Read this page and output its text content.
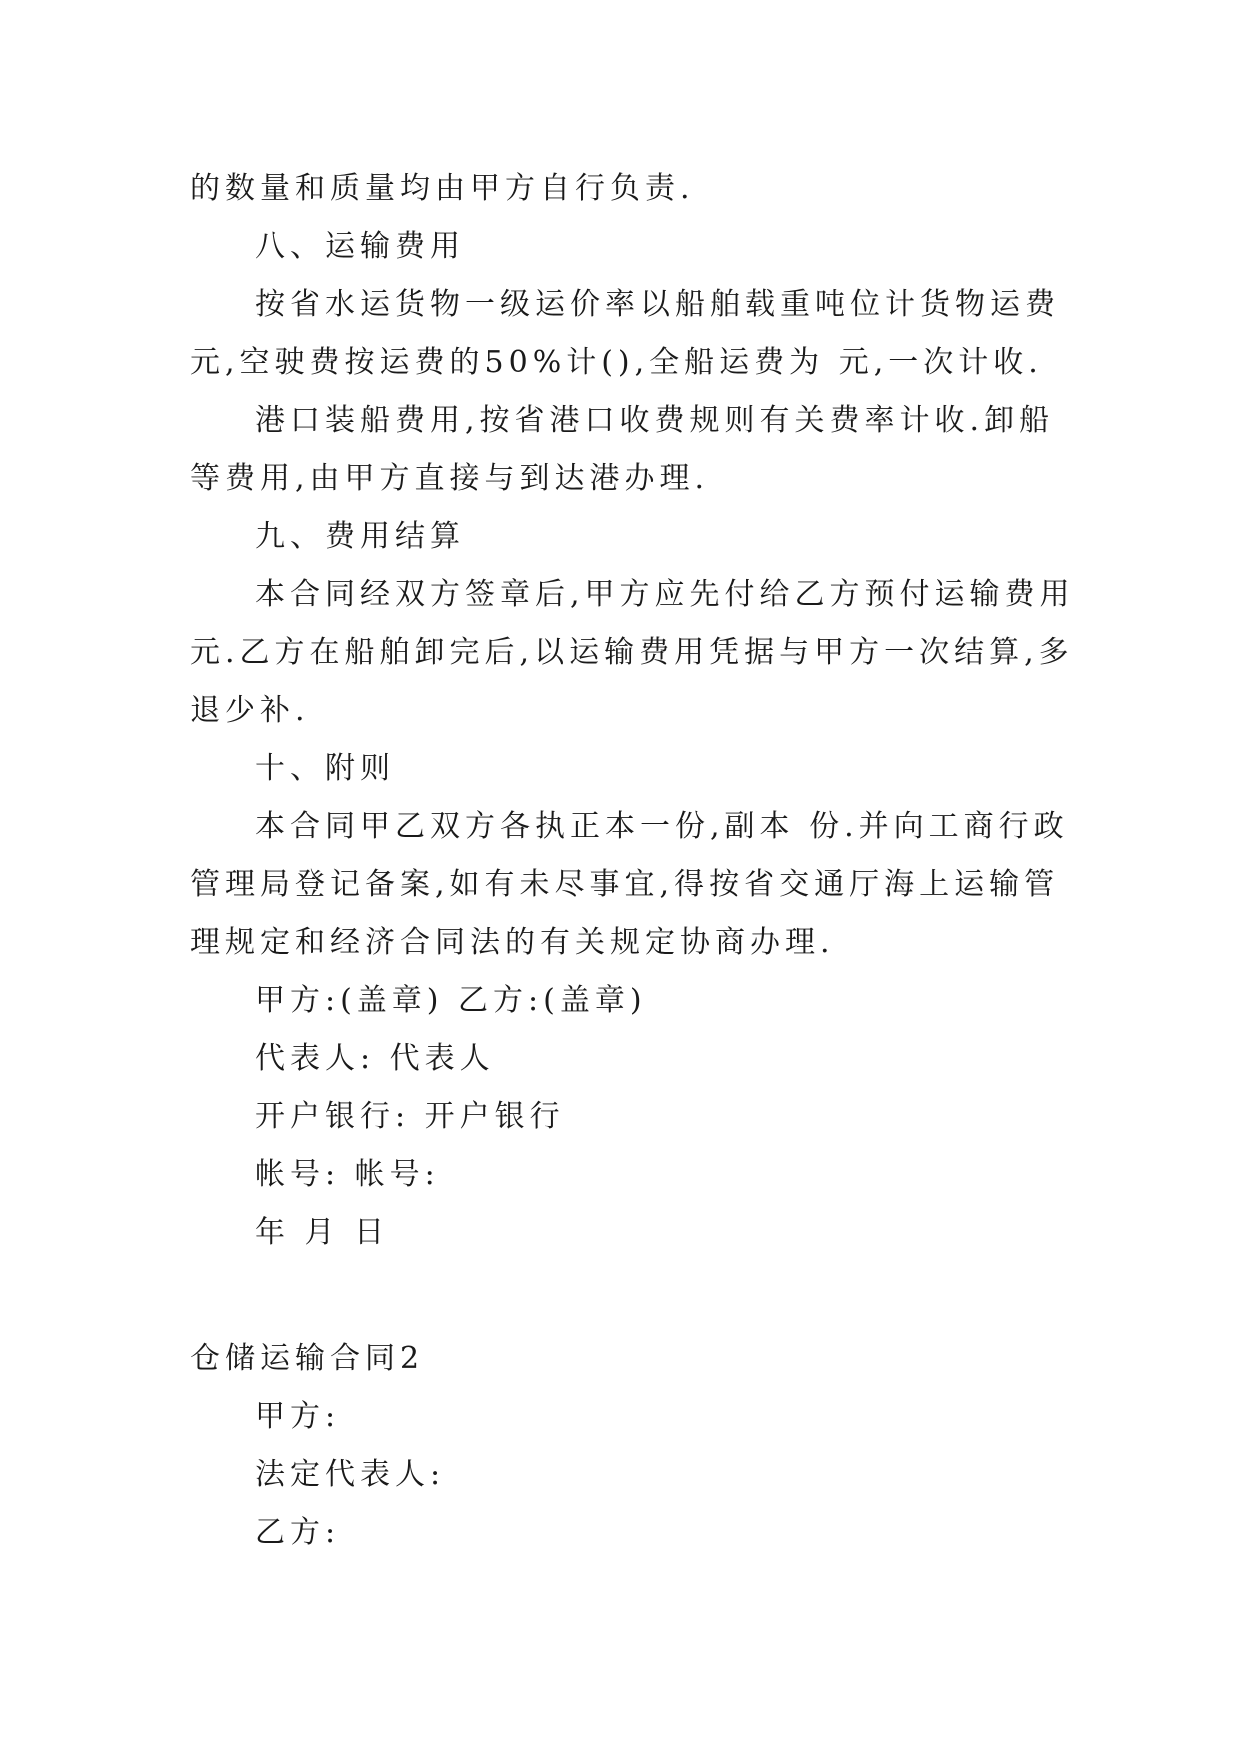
的数量和质量均由甲方自行负责.
八、运输费用
按省水运货物一级运价率以船舶载重吨位计货物运费
元,空驶费按运费的50%计(),全船运费为 元,一次计收.
港口装船费用,按省港口收费规则有关费率计收.卸船
等费用,由甲方直接与到达港办理.
九、费用结算
本合同经双方签章后,甲方应先付给乙方预付运输费用
元.乙方在船舶卸完后,以运输费用凭据与甲方一次结算,多
退少补.
十、附则
本合同甲乙双方各执正本一份,副本 份.并向工商行政
管理局登记备案,如有未尽事宜,得按省交通厅海上运输管
理规定和经济合同法的有关规定协商办理.
甲方:(盖章) 乙方:(盖章)
代表人: 代表人
开户银行: 开户银行
帐号: 帐号:
年 月 日
仓储运输合同2
甲方:
法定代表人:
乙方:
